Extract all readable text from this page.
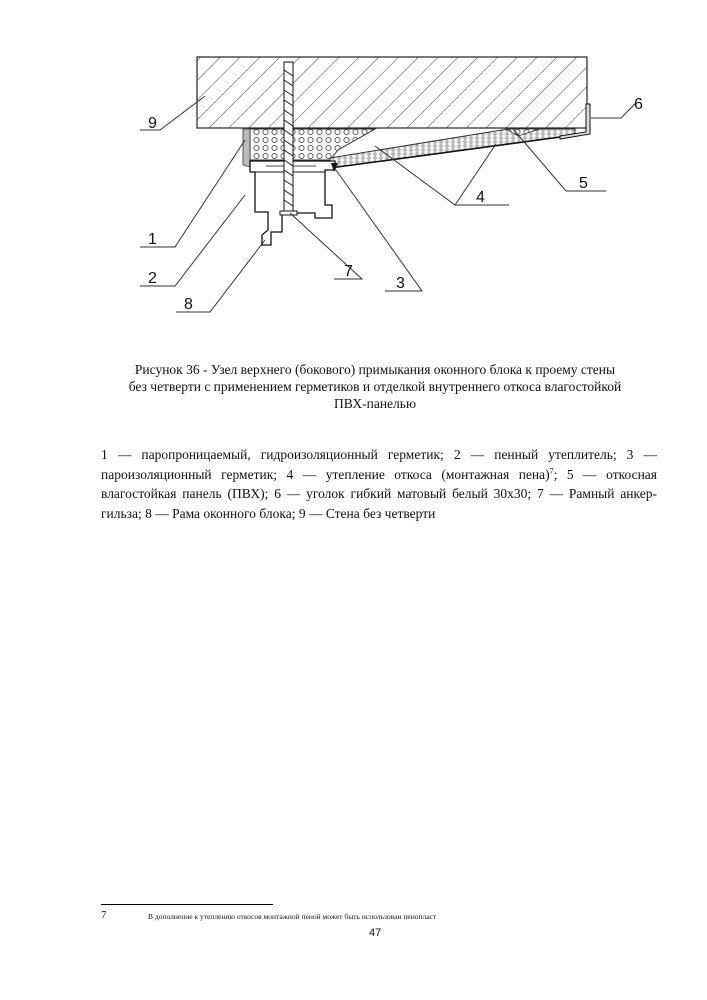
9
1
2
8
7
3
4
5
6
Рисунок 36 - Узел верхнего (бокового) примыкания оконного блока к проему стены
без четверти с применением герметиков и отделкой внутреннего откоса влагостойкой
ПВХ-панелью
1 — паропроницаемый, гидроизоляционный герметик; 2 — пенный утеплитель; 3 — пароизоляционный герметик; 4 — утепление откоса (монтажная пена)$^7$; 5 — откосная влагостойкая панель (ПВХ); 6 — уголок гибкий матовый белый 30х30; 7 — Рамный анкер-гильза; 8 — Рама оконного блока; 9 — Стена без четверти
7	В дополнение к утеплению откосов монтажной пеной может быть использован пенопласт
47
